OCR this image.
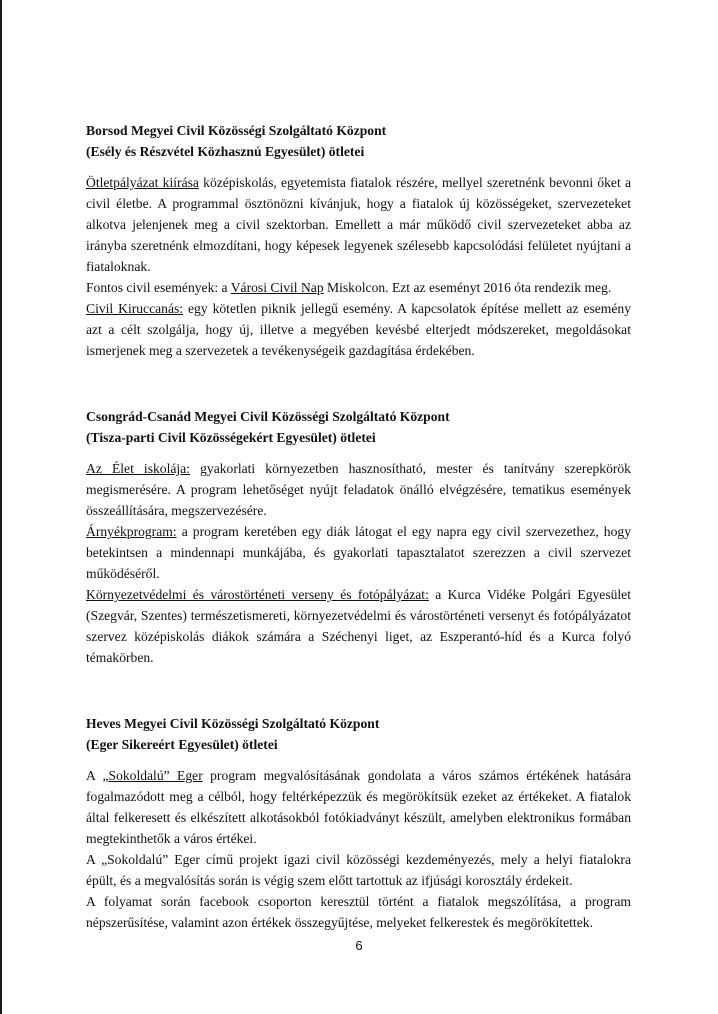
Borsod Megyei Civil Közösségi Szolgáltató Központ
(Esély és Részvétel Közhasznú Egyesület) ötletei

Ötletpályázat kiírása középiskolás, egyetemista fiatalok részére, mellyel szeretnénk bevonni őket a civil életbe. A programmal ösztönözni kívánjuk, hogy a fiatalok új közösségeket, szervezeteket alkotva jelenjenek meg a civil szektorban. Emellett a már működő civil szervezeteket abba az irányba szeretnénk elmozdítani, hogy képesek legyenek szélesebb kapcsolódási felületet nyújtani a fiataloknak.

Fontos civil események: a Városi Civil Nap Miskolcon. Ezt az eseményt 2016 óta rendezik meg.

Civil Kiruccanás: egy kötetlen piknik jellegű esemény. A kapcsolatok építése mellett az esemény azt a célt szolgálja, hogy új, illetve a megyében kevésbé elterjedt módszereket, megoldásokat ismerjenek meg a szervezetek a tevékenységeik gazdagítása érdekében.

Csongrád-Csanád Megyei Civil Közösségi Szolgáltató Központ
(Tisza-parti Civil Közösségekért Egyesület) ötletei

Az Élet iskolája: gyakorlati környezetben hasznosítható, mester és tanítvány szerepkörök megismerésére. A program lehetőséget nyújt feladatok önálló elvégzésére, tematikus események összeállítására, megszervezésére.

Árnyékprogram: a program keretében egy diák látogat el egy napra egy civil szervezethez, hogy betekintsen a mindennapi munkájába, és gyakorlati tapasztalatot szerezzen a civil szervezet működéséről.

Környezetvédelmi és várostörténeti verseny és fotópályázat: a Kurca Vidéke Polgári Egyesület (Szegvár, Szentes) természetismereti, környezetvédelmi és várostörténeti versenyt és fotópályázatot szervez középiskolás diákok számára a Széchenyi liget, az Eszperantó-híd és a Kurca folyó témakörben.

Heves Megyei Civil Közösségi Szolgáltató Központ
(Eger Sikereért Egyesület) ötletei

A „Sokoldalú” Eger program megvalósításának gondolata a város számos értékének hatására fogalmazódott meg a célból, hogy feltérképezzük és megörökítsük ezeket az értékeket. A fiatalok által felkeresett és elkészített alkotásokból fotókiadványt készült, amelyben elektronikus formában megtekinthetők a város értékei.

A „Sokoldalú” Eger című projekt igazi civil közösségi kezdeményezés, mely a helyi fiatalokra épült, és a megvalósítás során is végig szem előtt tartottuk az ifjúsági korosztály érdekeit.

A folyamat során facebook csoporton keresztül történt a fiatalok megszólítása, a program népszerűsítése, valamint azon értékek összegyűjtése, melyeket felkerestek és megörökítettek.

6
